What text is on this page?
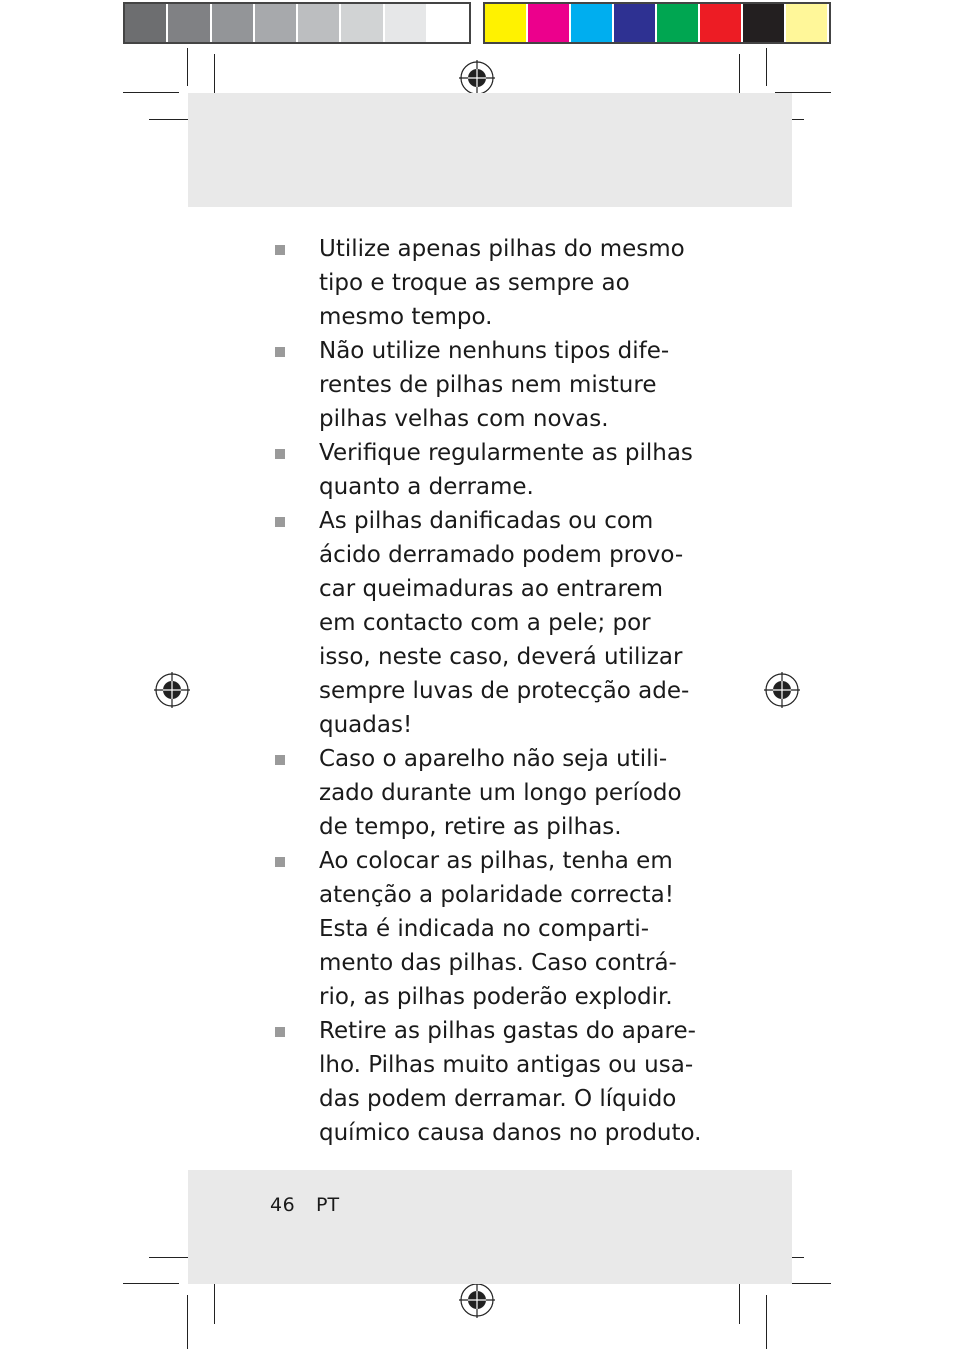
Utilize apenas pilhas do mesmo
tipo e troque as sempre ao
mesmo tempo.
Não utilize nenhuns tipos dife-
rentes de pilhas nem misture
pilhas velhas com novas.
Verifique regularmente as pilhas
quanto a derrame.
As pilhas danificadas ou com
ácido derramado podem provo-
car queimaduras ao entrarem
em contacto com a pele; por
isso, neste caso, deverá utilizar
sempre luvas de protecção ade-
quadas!
Caso o aparelho não seja utili-
zado durante um longo período
de tempo, retire as pilhas.
Ao colocar as pilhas, tenha em
atenção a polaridade correcta!
Esta é indicada no comparti-
mento das pilhas. Caso contrá-
rio, as pilhas poderão explodir.
Retire as pilhas gastas do apare-
lho. Pilhas muito antigas ou usa-
das podem derramar. O líquido
químico causa danos no produto.
46 PT
